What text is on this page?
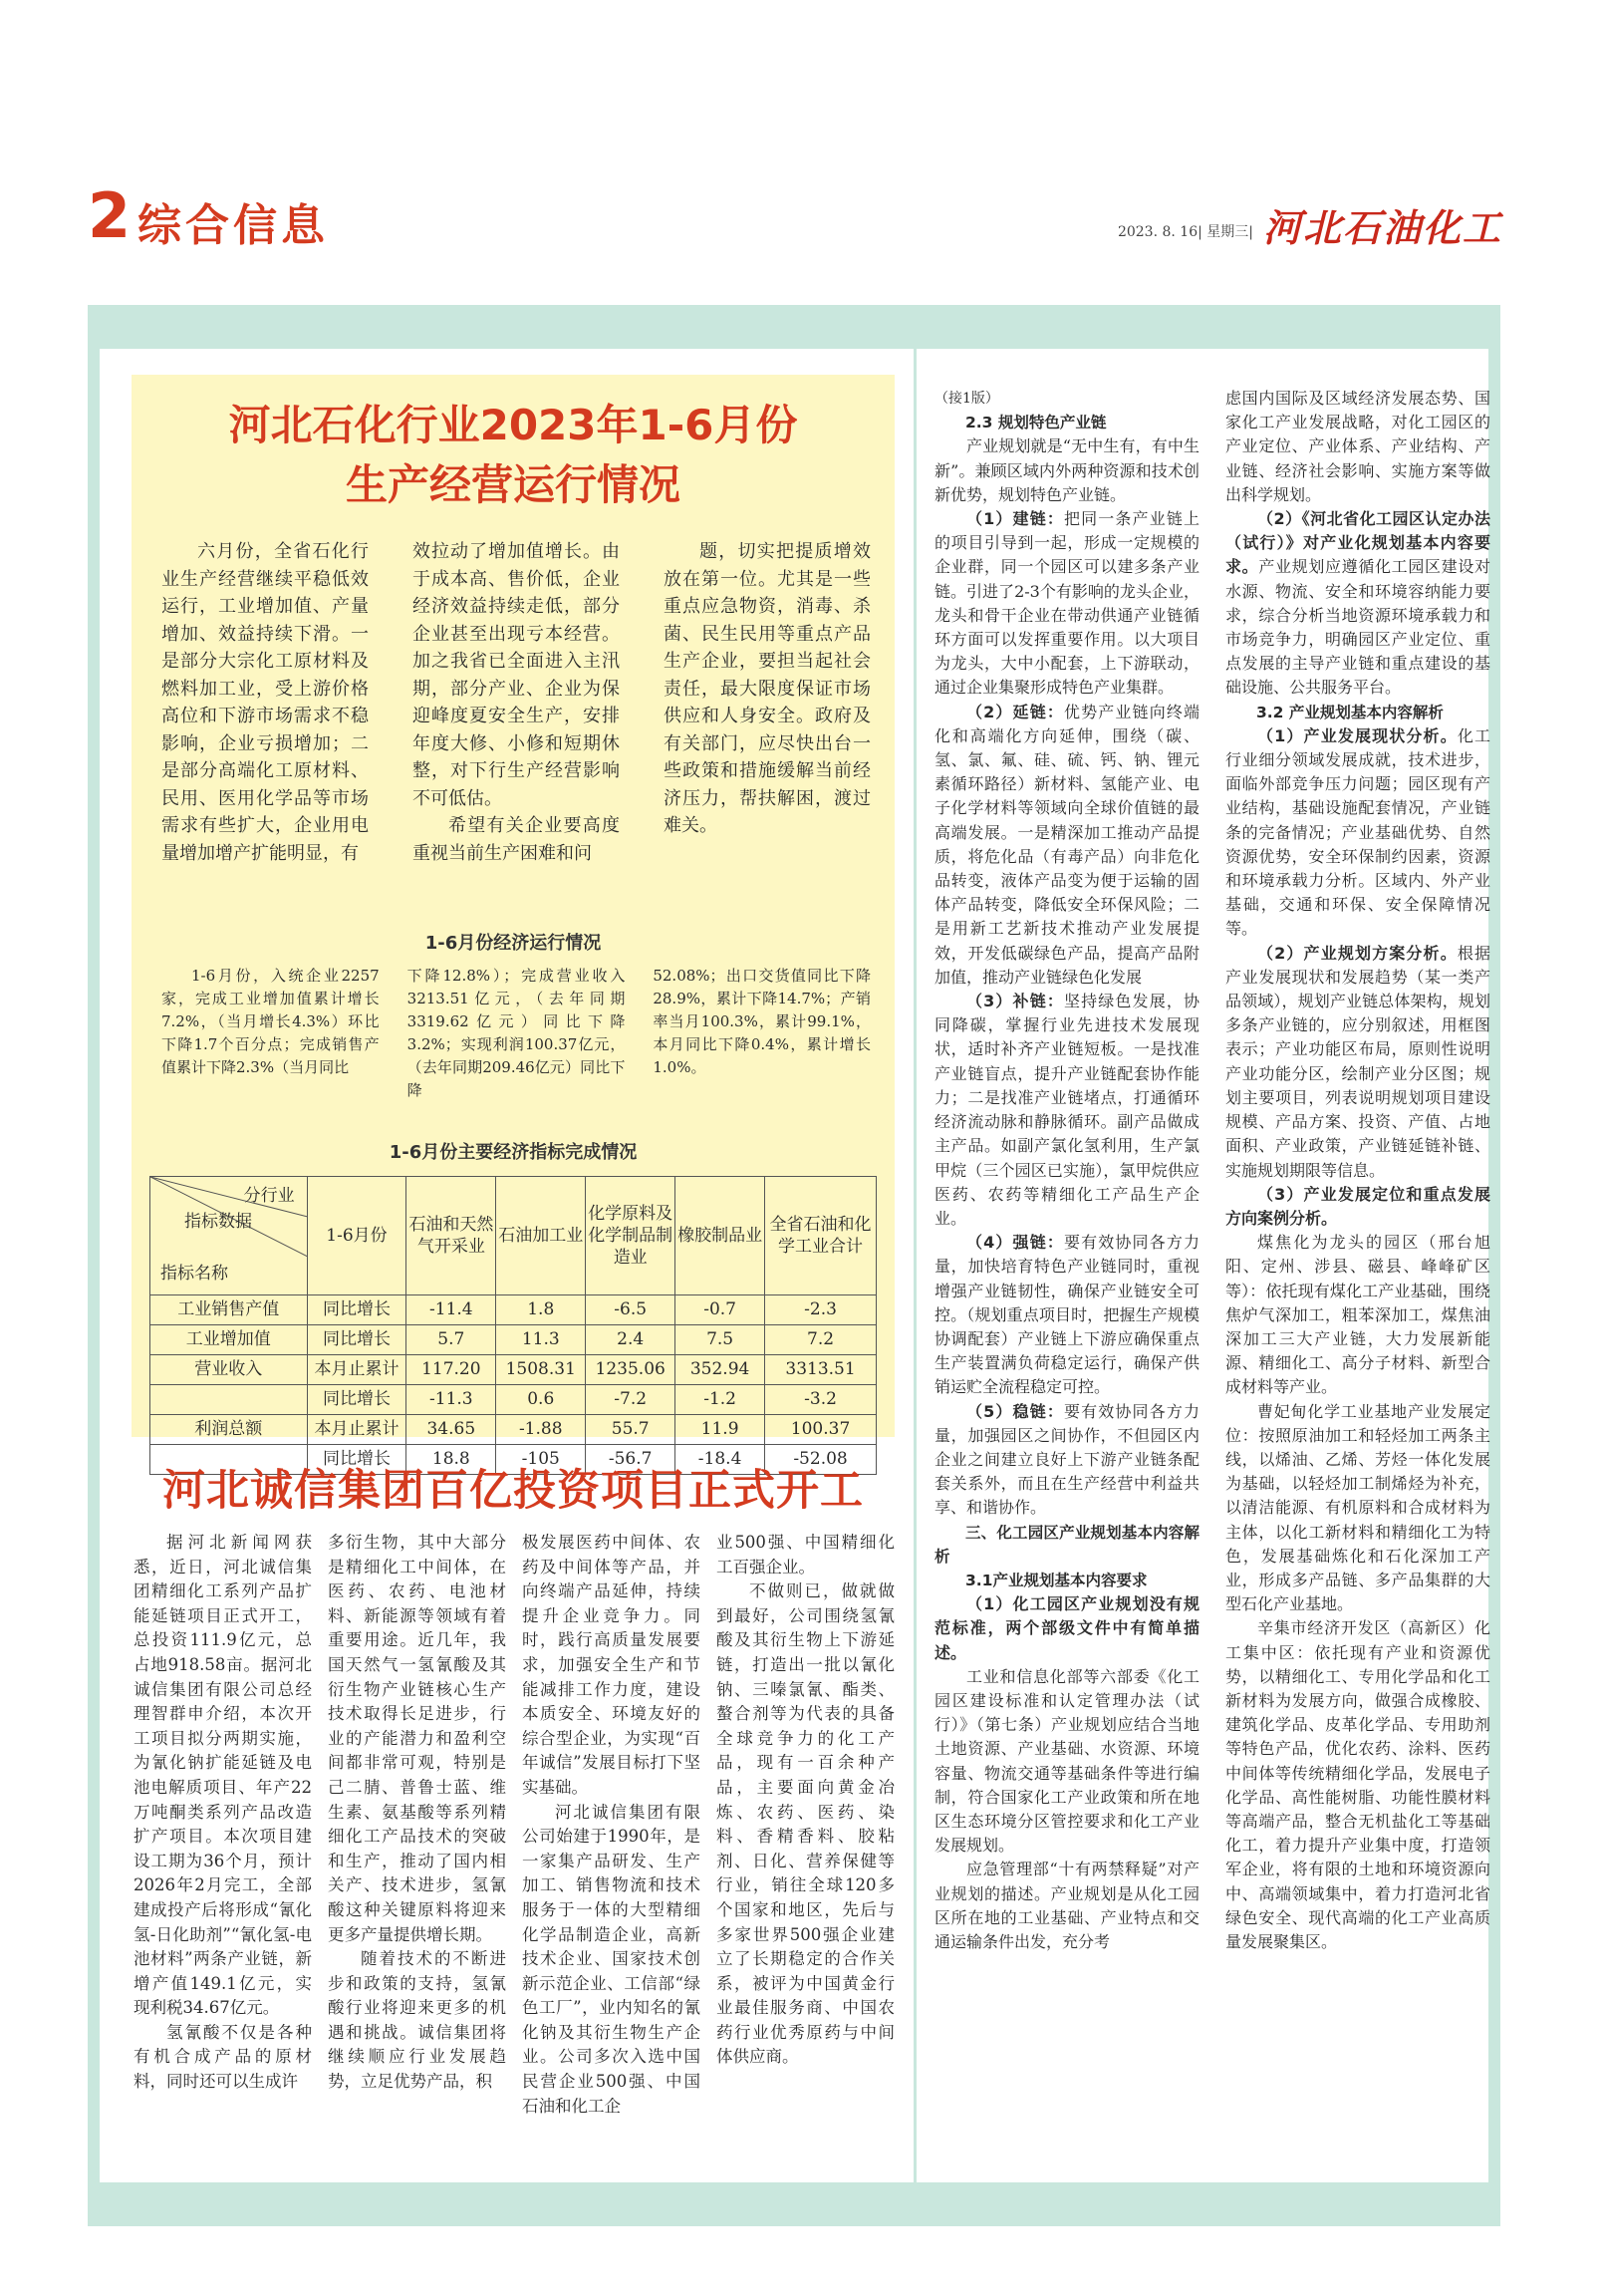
2 综合信息	2023. 8. 16| 星期三| 河北石油化工
河北石化行业2023年1-6月份
生产经营运行情况
六月份，全省石化行业生产经营继续平稳低效运行，工业增加值、产量增加、效益持续下滑。一是部分大宗化工原材料及燃料加工业，受上游价格高位和下游市场需求不稳影响，企业亏损增加；二是部分高端化工原材料、民用、医用化学品等市场需求有些扩大，企业用电量增加增产扩能明显，有
效拉动了增加值增长。由于成本高、售价低，企业经济效益持续走低，部分企业甚至出现亏本经营。加之我省已全面进入主汛期，部分产业、企业为保迎峰度夏安全生产，安排年度大修、小修和短期休整，对下行生产经营影响不可低估。
希望有关企业要高度重视当前生产困难和问
题，切实把提质增效放在第一位。尤其是一些重点应急物资，消毒、杀菌、民生民用等重点产品生产企业，要担当起社会责任，最大限度保证市场供应和人身安全。政府及有关部门，应尽快出台一些政策和措施缓解当前经济压力，帮扶解困，渡过难关。
1-6月份经济运行情况
1-6月份，入统企业2257家，完成工业增加值累计增长7.2%，（当月增长4.3%）环比下降1.7个百分点；完成销售产值累计下降2.3%（当月同比
下降12.8%）；完成营业收入3213.51亿元，（去年同期3319.62亿元）同比下降3.2%；实现利润100.37亿元，（去年同期209.46亿元）同比下降
52.08%；出口交货值同比下降28.9%，累计下降14.7%；产销率当月100.3%，累计99.1%，本月同比下降0.4%，累计增长1.0%。
1-6月份主要经济指标完成情况
分行业
指标数据
指标名称	1-6月份	石油和天然气开采业	石油加工业	化学原料及化学制品制造业	橡胶制品业	全省石油和化学工业合计
工业销售产值	同比增长	-11.4	1.8	-6.5	-0.7	-2.3
工业增加值	同比增长	5.7	11.3	2.4	7.5	7.2
营业收入	本月止累计	117.20	1508.31	1235.06	352.94	3313.51
	同比增长	-11.3	0.6	-7.2	-1.2	-3.2
利润总额	本月止累计	34.65	-1.88	55.7	11.9	100.37
	同比增长	18.8	-105	-56.7	-18.4	-52.08
河北诚信集团百亿投资项目正式开工

据河北新闻网获悉，近日，河北诚信集团精细化工系列产品扩能延链项目正式开工，总投资111.9亿元，总占地918.58亩。据河北诚信集团有限公司总经理智群申介绍，本次开工项目拟分两期实施，为氰化钠扩能延链及电池电解质项目、年产22万吨酮类系列产品改造扩产项目。本次项目建设工期为36个月，预计2026年2月完工，全部建成投产后将形成“氰化氢-日化助剂”“氰化氢-电池材料”两条产业链，新增产值149.1亿元，实现利税34.67亿元。

氢氰酸不仅是各种有机合成产品的原材料，同时还可以生成许

多衍生物，其中大部分是精细化工中间体，在医药、农药、电池材料、新能源等领域有着重要用途。近几年，我国天然气一氢氰酸及其衍生物产业链核心生产技术取得长足进步，行业的产能潜力和盈利空间都非常可观，特别是己二腈、普鲁士蓝、维生素、氨基酸等系列精细化工产品技术的突破和生产，推动了国内相关产、技术进步，氢氰酸这种关键原料将迎来更多产量提供增长期。

随着技术的不断进步和政策的支持，氢氰酸行业将迎来更多的机遇和挑战。诚信集团将继续顺应行业发展趋势，立足优势产品，积

极发展医药中间体、农药及中间体等产品，并向终端产品延伸，持续提升企业竞争力。同时，践行高质量发展要求，加强安全生产和节能减排工作力度，建设本质安全、环境友好的综合型企业，为实现“百年诚信”发展目标打下坚实基础。

河北诚信集团有限公司始建于1990年，是一家集产品研发、生产加工、销售物流和技术服务于一体的大型精细化学品制造企业，高新技术企业、国家技术创新示范企业、工信部“绿色工厂”，业内知名的氰化钠及其衍生物生产企业。公司多次入选中国民营企业500强、中国石油和化工企

业500强、中国精细化工百强企业。

不做则已，做就做到最好，公司围绕氢氰酸及其衍生物上下游延链，打造出一批以氰化钠、三嗪氯氰、酯类、螯合剂等为代表的具备全球竞争力的化工产品，现有一百余种产品，主要面向黄金冶炼、农药、医药、染料、香精香料、胶粘剂、日化、营养保健等行业，销往全球120多个国家和地区，先后与多家世界500强企业建立了长期稳定的合作关系，被评为中国黄金行业最佳服务商、中国农药行业优秀原药与中间体供应商。

（接1版）

2.3 规划特色产业链

产业规划就是“无中生有，有中生新”。兼顾区域内外两种资源和技术创新优势，规划特色产业链。

（1）建链：把同一条产业链上的项目引导到一起，形成一定规模的企业群，同一个园区可以建多条产业链。引进了2-3个有影响的龙头企业，龙头和骨干企业在带动供通产业链循环方面可以发挥重要作用。以大项目为龙头，大中小配套，上下游联动，通过企业集聚形成特色产业集群。

（2）延链：优势产业链向终端化和高端化方向延伸，围绕（碳、氢、氯、氟、硅、硫、钙、钠、锂元素循环路径）新材料、氢能产业、电子化学材料等领域向全球价值链的最高端发展。一是精深加工推动产品提质，将危化品（有毒产品）向非危化品转变，液体产品变为便于运输的固体产品转变，降低安全环保风险；二是用新工艺新技术推动产业发展提效，开发低碳绿色产品，提高产品附加值，推动产业链绿色化发展

（3）补链：坚持绿色发展，协同降碳，掌握行业先进技术发展现状，适时补齐产业链短板。一是找准产业链盲点，提升产业链配套协作能力；二是找准产业链堵点，打通循环经济流动脉和静脉循环。副产品做成主产品。如副产氯化氢利用，生产氯甲烷（三个园区已实施），氯甲烷供应医药、农药等精细化工产品生产企业。

（4）强链：要有效协同各方力量，加快培育特色产业链同时，重视增强产业链韧性，确保产业链安全可控。（规划重点项目时，把握生产规模协调配套）产业链上下游应确保重点生产装置满负荷稳定运行，确保产供销运贮全流程稳定可控。

（5）稳链：要有效协同各方力量，加强园区之间协作，不但园区内企业之间建立良好上下游产业链条配套关系外，而且在生产经营中利益共享、和谐协作。

三、化工园区产业规划基本内容解析

3.1产业规划基本内容要求

（1）化工园区产业规划没有规范标准，两个部级文件中有简单描述。

工业和信息化部等六部委《化工园区建设标准和认定管理办法（试行）》（第七条）产业规划应结合当地土地资源、产业基础、水资源、环境容量、物流交通等基础条件等进行编制，符合国家化工产业政策和所在地区生态环境分区管控要求和化工产业发展规划。

应急管理部“十有两禁释疑”对产业规划的描述。产业规划是从化工园区所在地的工业基础、产业特点和交通运输条件出发，充分考

虑国内国际及区域经济发展态势、国家化工产业发展战略，对化工园区的产业定位、产业体系、产业结构、产业链、经济社会影响、实施方案等做出科学规划。

（2）《河北省化工园区认定办法（试行）》对产业化规划基本内容要求。产业规划应遵循化工园区建设对水源、物流、安全和环境容纳能力要求，综合分析当地资源环境承载力和市场竞争力，明确园区产业定位、重点发展的主导产业链和重点建设的基础设施、公共服务平台。

3.2 产业规划基本内容解析

（1）产业发展现状分析。化工行业细分领域发展成就，技术进步，面临外部竞争压力问题；园区现有产业结构，基础设施配套情况，产业链条的完备情况；产业基础优势、自然资源优势，安全环保制约因素，资源和环境承载力分析。区域内、外产业基础，交通和环保、安全保障情况等。

（2）产业规划方案分析。根据产业发展现状和发展趋势（某一类产品领域），规划产业链总体架构，规划多条产业链的，应分别叙述，用框图表示；产业功能区布局，原则性说明产业功能分区，绘制产业分区图；规划主要项目，列表说明规划项目建设规模、产品方案、投资、产值、占地面积、产业政策，产业链延链补链、实施规划期限等信息。

（3）产业发展定位和重点发展方向案例分析。

煤焦化为龙头的园区（邢台旭阳、定州、涉县、磁县、峰峰矿区等）：依托现有煤化工产业基础，围绕焦炉气深加工，粗苯深加工，煤焦油深加工三大产业链，大力发展新能源、精细化工、高分子材料、新型合成材料等产业。

曹妃甸化学工业基地产业发展定位：按照原油加工和轻烃加工两条主线，以烯油、乙烯、芳烃一体化发展为基础，以轻烃加工制烯烃为补充，以清洁能源、有机原料和合成材料为主体，以化工新材料和精细化工为特色，发展基础炼化和石化深加工产业，形成多产品链、多产品集群的大型石化产业基地。

辛集市经济开发区（高新区）化工集中区：依托现有产业和资源优势，以精细化工、专用化学品和化工新材料为发展方向，做强合成橡胶、建筑化学品、皮革化学品、专用助剂等特色产品，优化农药、涂料、医药中间体等传统精细化学品，发展电子化学品、高性能树脂、功能性膜材料等高端产品，整合无机盐化工等基础化工，着力提升产业集中度，打造领军企业，将有限的土地和环境资源向中、高端领域集中，着力打造河北省绿色安全、现代高端的化工产业高质量发展聚集区。
